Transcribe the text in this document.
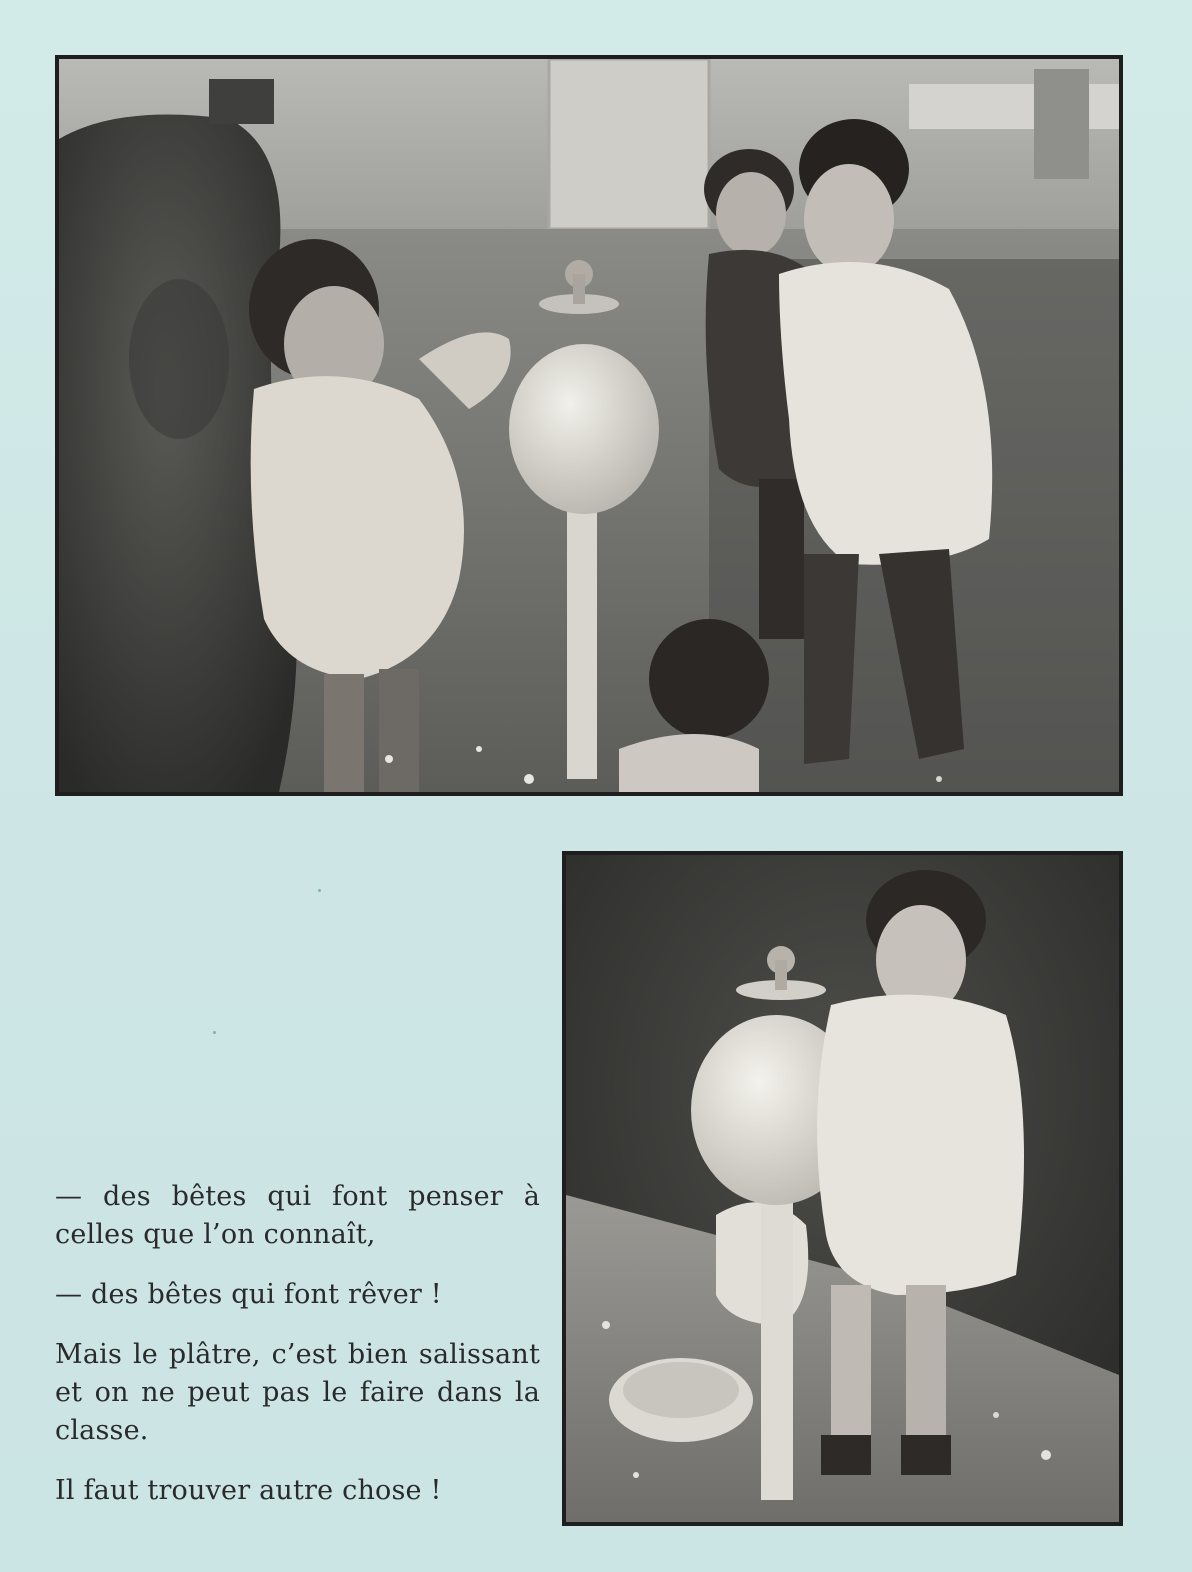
— des bêtes qui font penser à celles que l’on connaît,

— des bêtes qui font rêver !

Mais le plâtre, c’est bien salissant et on ne peut pas le faire dans la classe.

Il faut trouver autre chose !
